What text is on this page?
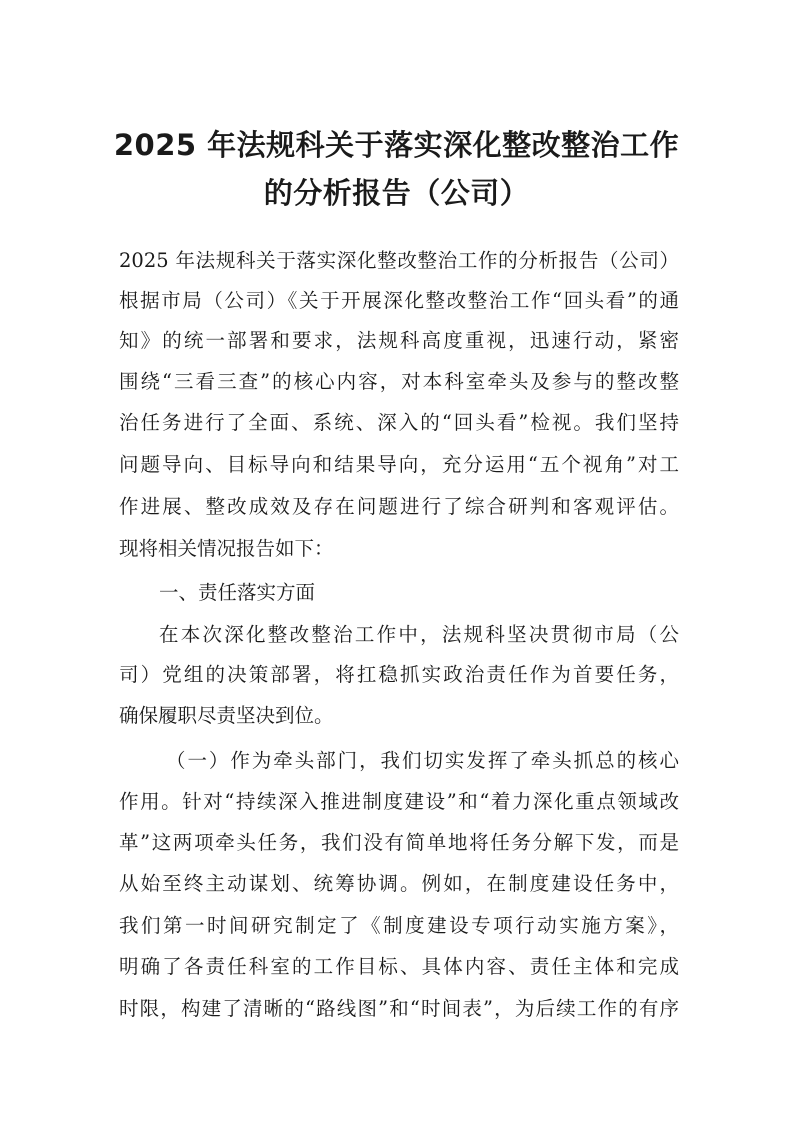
2025 年法规科关于落实深化整改整治工作
的分析报告（公司）
2025 年法规科关于落实深化整改整治工作的分析报告（公司）
根据市局（公司）《关于开展深化整改整治工作“回头看”的通
知》的统一部署和要求，法规科高度重视，迅速行动，紧密
围绕“三看三查”的核心内容，对本科室牵头及参与的整改整
治任务进行了全面、系统、深入的“回头看”检视。我们坚持
问题导向、目标导向和结果导向，充分运用“五个视角”对工
作进展、整改成效及存在问题进行了综合研判和客观评估。
现将相关情况报告如下：
一、责任落实方面
在本次深化整改整治工作中，法规科坚决贯彻市局（公
司）党组的决策部署，将扛稳抓实政治责任作为首要任务，
确保履职尽责坚决到位。
（一）作为牵头部门，我们切实发挥了牵头抓总的核心
作用。针对“持续深入推进制度建设”和“着力深化重点领域改
革”这两项牵头任务，我们没有简单地将任务分解下发，而是
从始至终主动谋划、统筹协调。例如，在制度建设任务中，
我们第一时间研究制定了《制度建设专项行动实施方案》，
明确了各责任科室的工作目标、具体内容、责任主体和完成
时限，构建了清晰的“路线图”和“时间表”，为后续工作的有序
